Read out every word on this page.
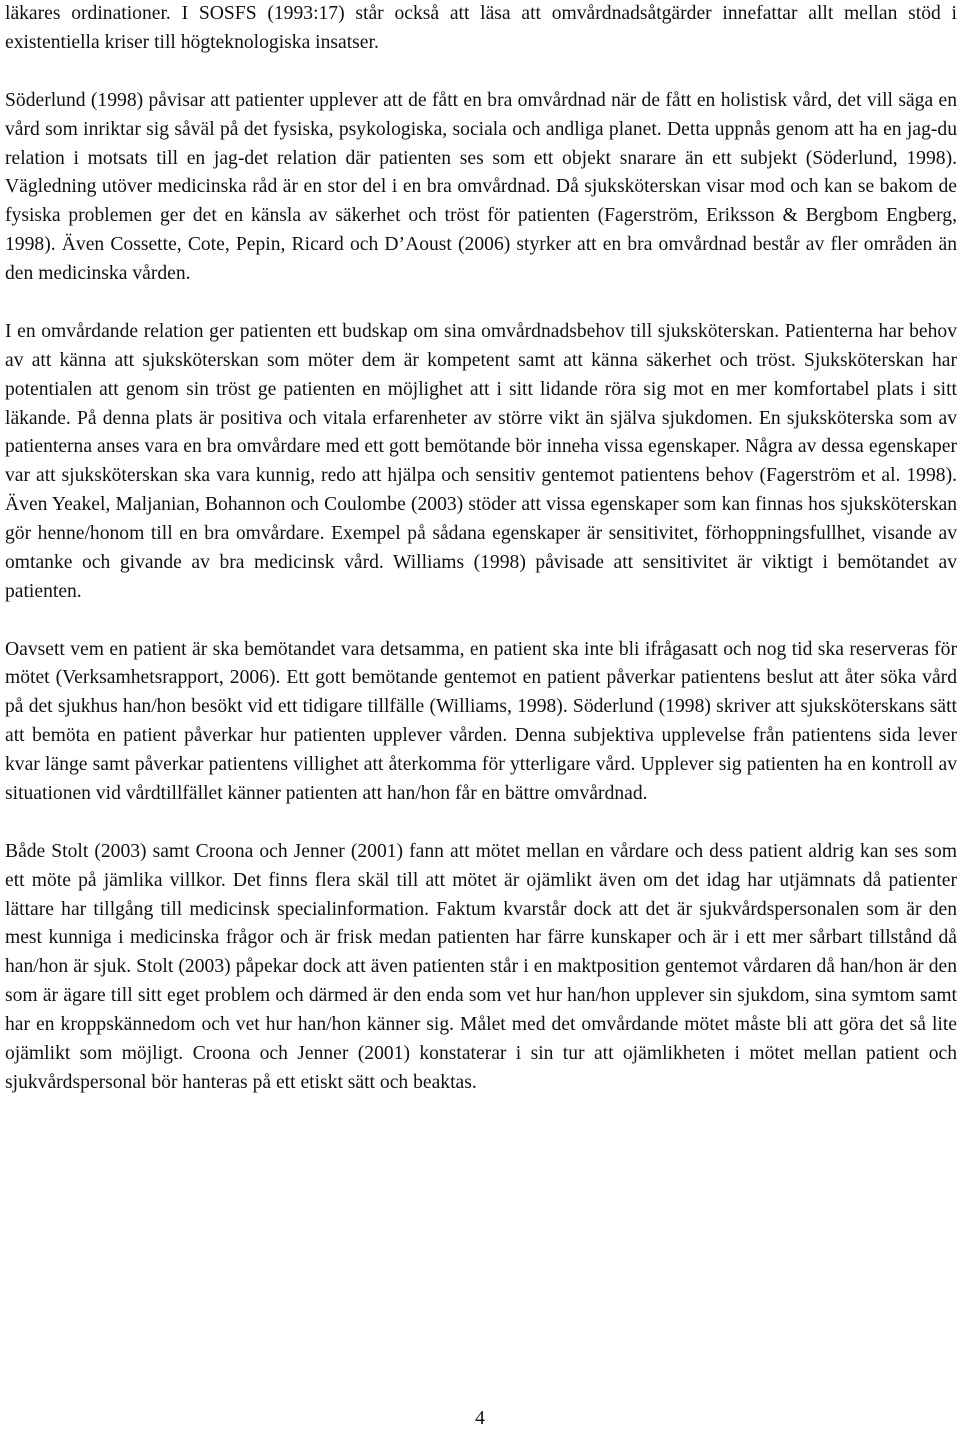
läkares ordinationer. I SOSFS (1993:17) står också att läsa att omvårdnadsåtgärder innefattar allt mellan stöd i existentiella kriser till högteknologiska insatser.

Söderlund (1998) påvisar att patienter upplever att de fått en bra omvårdnad när de fått en holistisk vård, det vill säga en vård som inriktar sig såväl på det fysiska, psykologiska, sociala och andliga planet. Detta uppnås genom att ha en jag-du relation i motsats till en jag-det relation där patienten ses som ett objekt snarare än ett subjekt (Söderlund, 1998). Vägledning utöver medicinska råd är en stor del i en bra omvårdnad. Då sjuksköterskan visar mod och kan se bakom de fysiska problemen ger det en känsla av säkerhet och tröst för patienten (Fagerström, Eriksson & Bergbom Engberg, 1998). Även Cossette, Cote, Pepin, Ricard och D’Aoust (2006) styrker att en bra omvårdnad består av fler områden än den medicinska vården.

I en omvårdande relation ger patienten ett budskap om sina omvårdnadsbehov till sjuksköterskan. Patienterna har behov av att känna att sjuksköterskan som möter dem är kompetent samt att känna säkerhet och tröst. Sjuksköterskan har potentialen att genom sin tröst ge patienten en möjlighet att i sitt lidande röra sig mot en mer komfortabel plats i sitt läkande. På denna plats är positiva och vitala erfarenheter av större vikt än själva sjukdomen. En sjuksköterska som av patienterna anses vara en bra omvårdare med ett gott bemötande bör inneha vissa egenskaper. Några av dessa egenskaper var att sjuksköterskan ska vara kunnig, redo att hjälpa och sensitiv gentemot patientens behov (Fagerström et al. 1998). Även Yeakel, Maljanian, Bohannon och Coulombe (2003) stöder att vissa egenskaper som kan finnas hos sjuksköterskan gör henne/honom till en bra omvårdare. Exempel på sådana egenskaper är sensitivitet, förhoppningsfullhet, visande av omtanke och givande av bra medicinsk vård. Williams (1998) påvisade att sensitivitet är viktigt i bemötandet av patienten.

Oavsett vem en patient är ska bemötandet vara detsamma, en patient ska inte bli ifrågasatt och nog tid ska reserveras för mötet (Verksamhetsrapport, 2006). Ett gott bemötande gentemot en patient påverkar patientens beslut att åter söka vård på det sjukhus han/hon besökt vid ett tidigare tillfälle (Williams, 1998). Söderlund (1998) skriver att sjuksköterskans sätt att bemöta en patient påverkar hur patienten upplever vården. Denna subjektiva upplevelse från patientens sida lever kvar länge samt påverkar patientens villighet att återkomma för ytterligare vård. Upplever sig patienten ha en kontroll av situationen vid vårdtillfället känner patienten att han/hon får en bättre omvårdnad.

Både Stolt (2003) samt Croona och Jenner (2001) fann att mötet mellan en vårdare och dess patient aldrig kan ses som ett möte på jämlika villkor. Det finns flera skäl till att mötet är ojämlikt även om det idag har utjämnats då patienter lättare har tillgång till medicinsk specialinformation. Faktum kvarstår dock att det är sjukvårdspersonalen som är den mest kunniga i medicinska frågor och är frisk medan patienten har färre kunskaper och är i ett mer sårbart tillstånd då han/hon är sjuk. Stolt (2003) påpekar dock att även patienten står i en maktposition gentemot vårdaren då han/hon är den som är ägare till sitt eget problem och därmed är den enda som vet hur han/hon upplever sin sjukdom, sina symtom samt har en kroppskännedom och vet hur han/hon känner sig. Målet med det omvårdande mötet måste bli att göra det så lite ojämlikt som möjligt. Croona och Jenner (2001) konstaterar i sin tur att ojämlikheten i mötet mellan patient och sjukvårdspersonal bör hanteras på ett etiskt sätt och beaktas.

4
